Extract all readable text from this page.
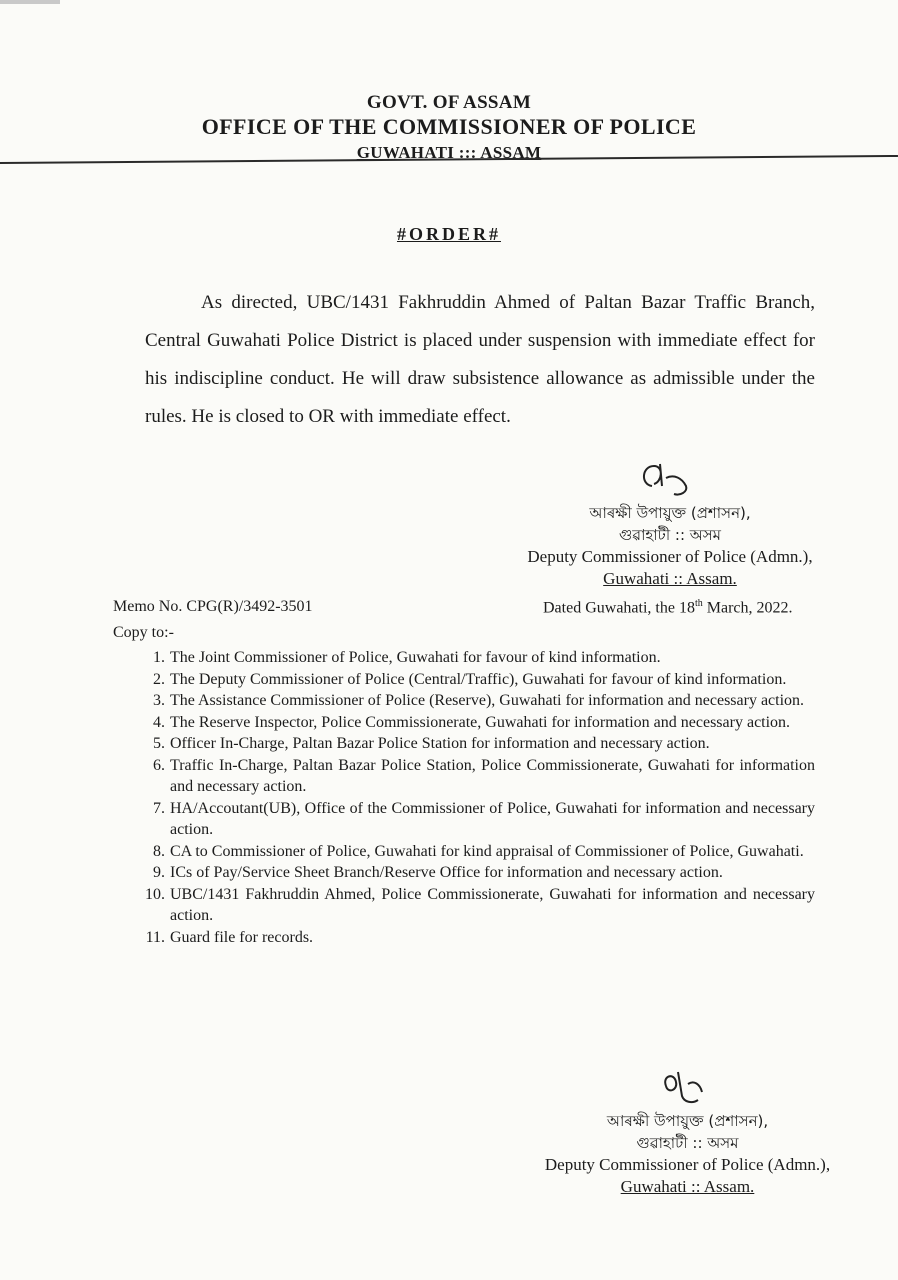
GOVT. OF ASSAM
OFFICE OF THE COMMISSIONER OF POLICE
GUWAHATI ::: ASSAM
#ORDER#
As directed, UBC/1431 Fakhruddin Ahmed of Paltan Bazar Traffic Branch, Central Guwahati Police District is placed under suspension with immediate effect for his indiscipline conduct. He will draw subsistence allowance as admissible under the rules. He is closed to OR with immediate effect.
আৰক্ষী উপায়ুক্ত (প্ৰশাসন),
গুৱাহাটী :: অসম
Deputy Commissioner of Police (Admn.),
Guwahati :: Assam.
Memo No. CPG(R)/3492-3501	Dated Guwahati, the 18th March, 2022.
Copy to:-
1. The Joint Commissioner of Police, Guwahati for favour of kind information.
2. The Deputy Commissioner of Police (Central/Traffic), Guwahati for favour of kind information.
3. The Assistance Commissioner of Police (Reserve), Guwahati for information and necessary action.
4. The Reserve Inspector, Police Commissionerate, Guwahati for information and necessary action.
5. Officer In-Charge, Paltan Bazar Police Station for information and necessary action.
6. Traffic In-Charge, Paltan Bazar Police Station, Police Commissionerate, Guwahati for information and necessary action.
7. HA/Accoutant(UB), Office of the Commissioner of Police, Guwahati for information and necessary action.
8. CA to Commissioner of Police, Guwahati for kind appraisal of Commissioner of Police, Guwahati.
9. ICs of Pay/Service Sheet Branch/Reserve Office for information and necessary action.
10. UBC/1431 Fakhruddin Ahmed, Police Commissionerate, Guwahati for information and necessary action.
11. Guard file for records.
আৰক্ষী উপায়ুক্ত (প্ৰশাসন),
গুৱাহাটী :: অসম
Deputy Commissioner of Police (Admn.),
Guwahati :: Assam.
